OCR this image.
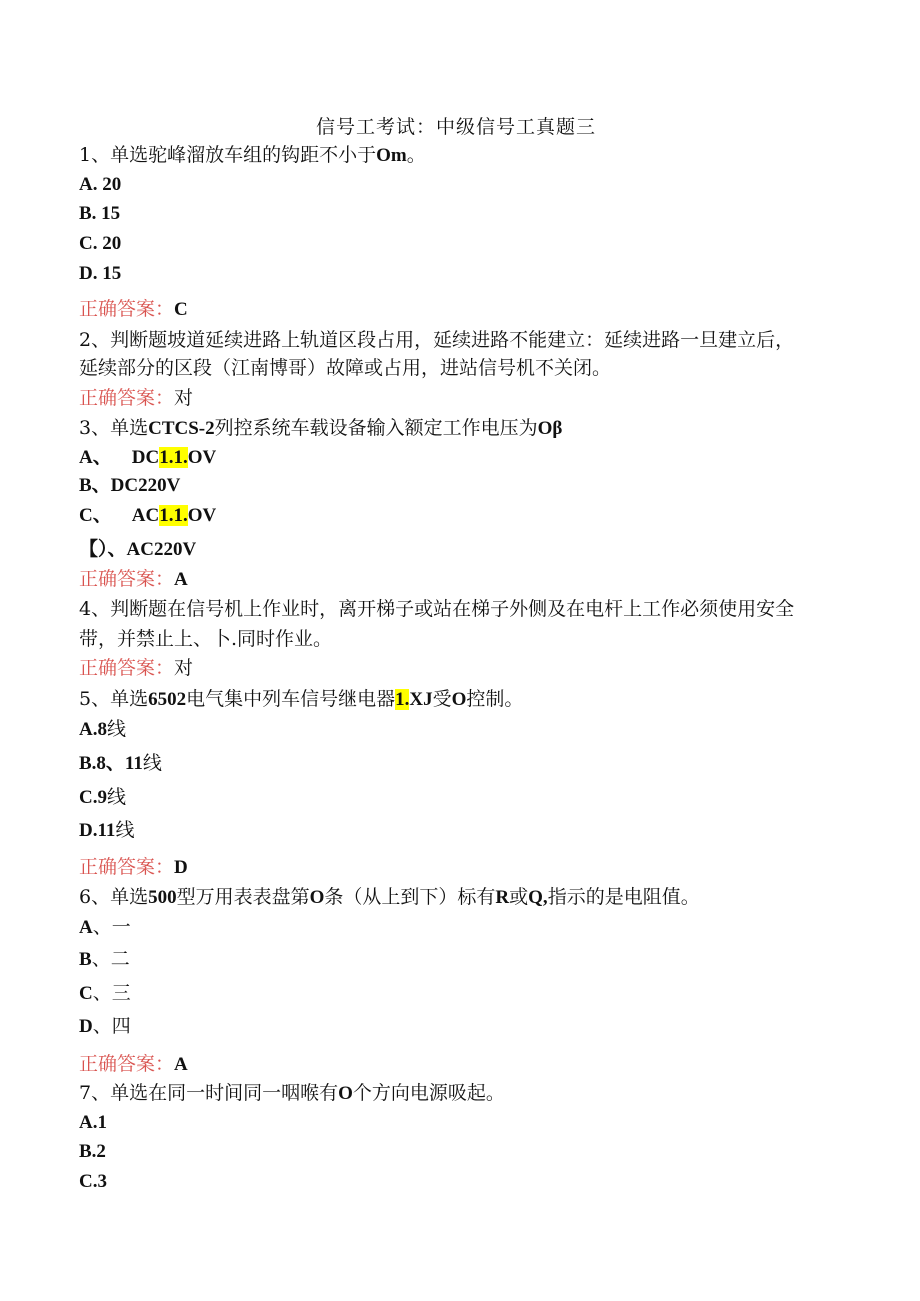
信号工考试：中级信号工真题三
1、单选驼峰溜放车组的钩距不小于Om。
A. 20
B. 15
C. 20
D. 15
正确答案：C
2、判断题坡道延续进路上轨道区段占用，延续进路不能建立：延续进路一旦建立后，
延续部分的区段（江南博哥）故障或占用，进站信号机不关闭。
正确答案：对
3、单选CTCS-2列控系统车载设备输入额定工作电压为Oβ
A、 DC1.1.OV
B、DC220V
C、 AC1.1.OV
【）、AC220V
正确答案：A
4、判断题在信号机上作业时，离开梯子或站在梯子外侧及在电杆上工作必须使用安全
带，并禁止上、卜.同时作业。
正确答案：对
5、单选6502电气集中列车信号继电器1.XJ受O控制。
A.8线
B.8、11线
C.9线
D.11线
正确答案：D
6、单选500型万用表表盘第O条（从上到下）标有R或Q,指示的是电阻值。
A、一
B、二
C、三
D、四
正确答案：A
7、单选在同一时间同一咽喉有O个方向电源吸起。
A.1
B.2
C.3
